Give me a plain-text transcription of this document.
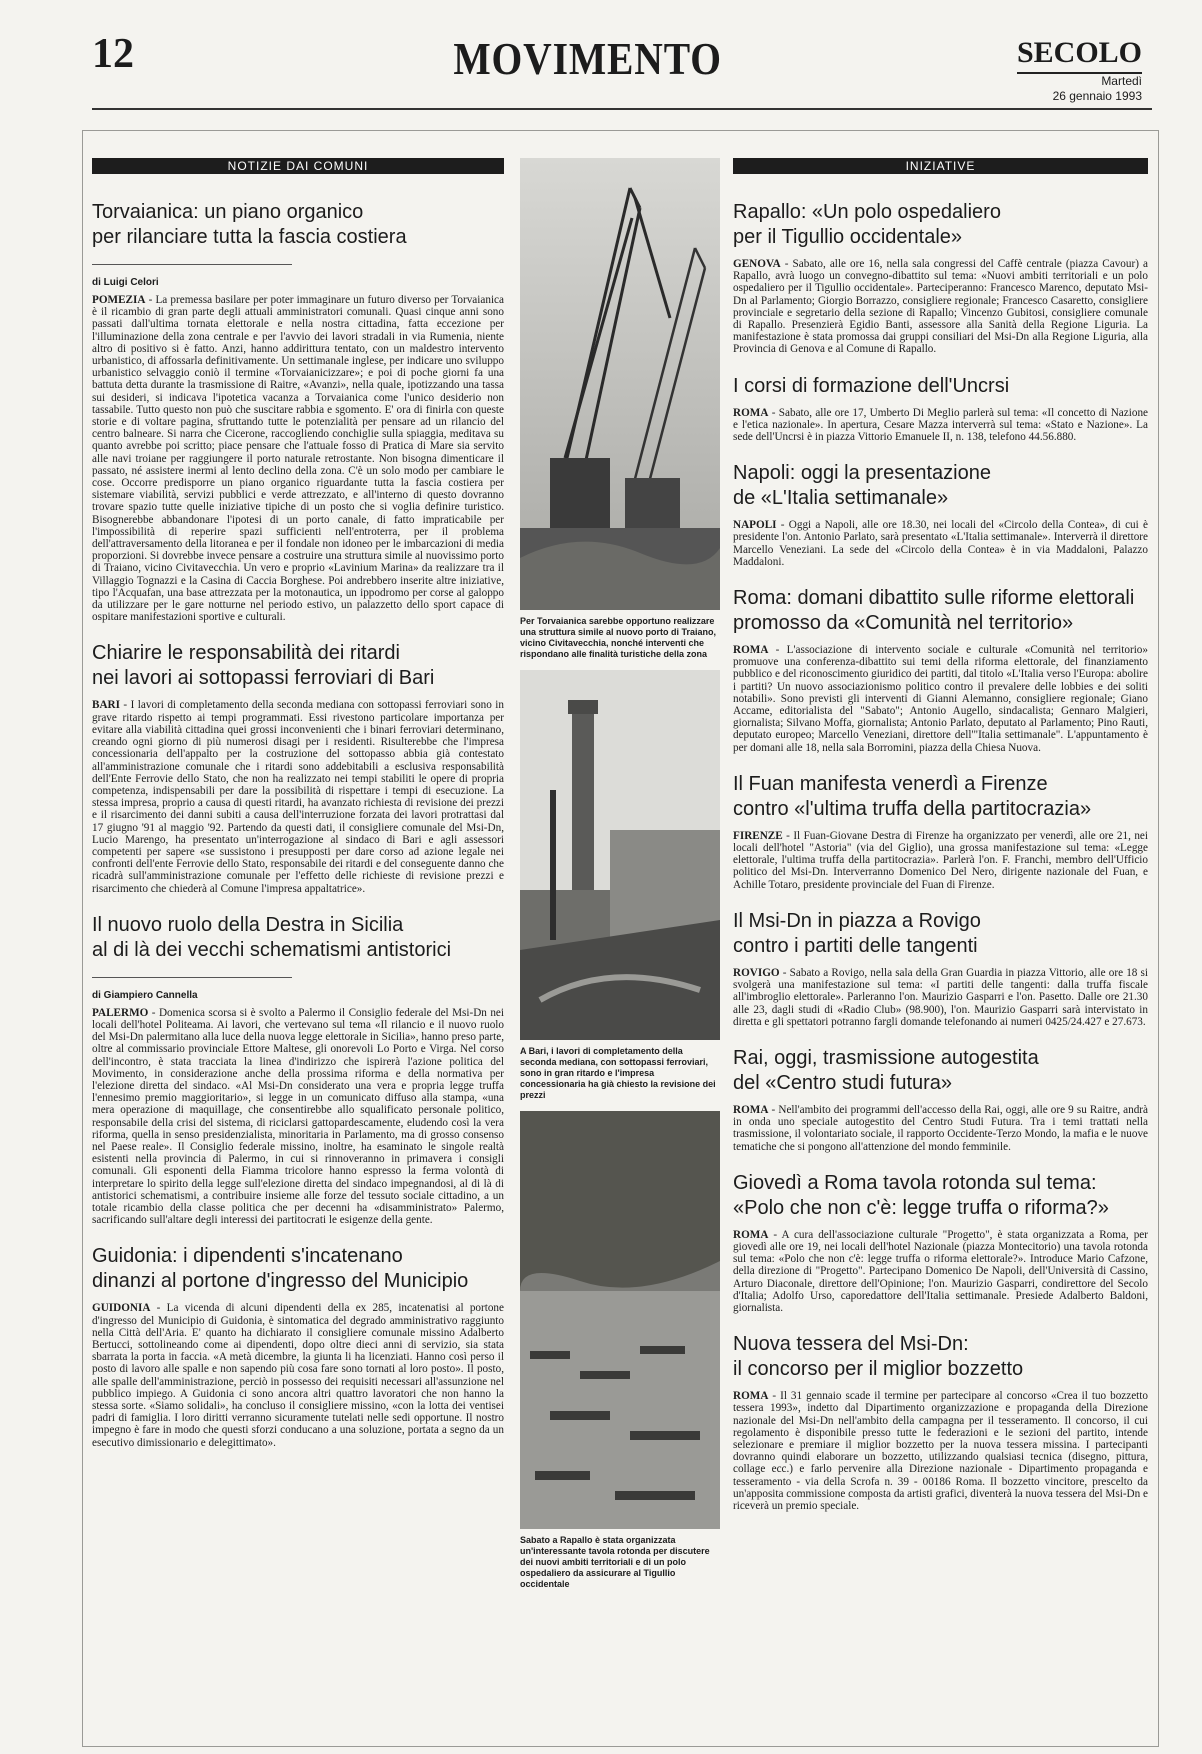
12	MOVIMENTO	SECOLO
Martedì
26 gennaio 1993
NOTIZIE DAI COMUNI
Torvaianica: un piano organico
per rilanciare tutta la fascia costiera
di Luigi Celori

POMEZIA - La premessa basilare per poter immaginare un futuro diverso per Torvaianica è il ricambio di gran parte degli attuali amministratori comunali. Quasi cinque anni sono passati dall'ultima tornata elettorale e nella nostra cittadina, fatta eccezione per l'illuminazione della zona centrale e per l'avvio dei lavori stradali in via Rumenia, niente altro di positivo si è fatto. Anzi, hanno addirittura tentato, con un maldestro intervento urbanistico, di affossarla definitivamente. Un settimanale inglese, per indicare uno sviluppo urbanistico selvaggio coniò il termine «Torvaianicizzare»; e poi di poche giorni fa una battuta detta durante la trasmissione di Raitre, «Avanzi», nella quale, ipotizzando una tassa sui desideri, si indicava l'ipotetica vacanza a Torvaianica come l'unico desiderio non tassabile. Tutto questo non può che suscitare rabbia e sgomento. E' ora di finirla con queste storie e di voltare pagina, sfruttando tutte le potenzialità per pensare ad un rilancio del centro balneare. Si narra che Cicerone, raccogliendo conchiglie sulla spiaggia, meditava su quanto avrebbe poi scritto; piace pensare che l'attuale fosso di Pratica di Mare sia servito alle navi troiane per raggiungere il porto naturale retrostante. Non bisogna dimenticare il passato, né assistere inermi al lento declino della zona. C'è un solo modo per cambiare le cose. Occorre predisporre un piano organico riguardante tutta la fascia costiera per sistemare viabilità, servizi pubblici e verde attrezzato, e all'interno di questo dovranno trovare spazio tutte quelle iniziative tipiche di un posto che si voglia definire turistico. Bisognerebbe abbandonare l'ipotesi di un porto canale, di fatto impraticabile per l'impossibilità di reperire spazi sufficienti nell'entroterra, per il problema dell'attraversamento della litoranea e per il fondale non idoneo per le imbarcazioni di media proporzioni. Si dovrebbe invece pensare a costruire una struttura simile al nuovissimo porto di Traiano, vicino Civitavecchia. Un vero e proprio «Lavinium Marina» da realizzare tra il Villaggio Tognazzi e la Casina di Caccia Borghese. Poi andrebbero inserite altre iniziative, tipo l'Acquafan, una base attrezzata per la motonautica, un ippodromo per corse al galoppo da utilizzare per le gare notturne nel periodo estivo, un palazzetto dello sport capace di ospitare manifestazioni sportive e culturali.

Chiarire le responsabilità dei ritardi
nei lavori ai sottopassi ferroviari di Bari

BARI - I lavori di completamento della seconda mediana con sottopassi ferroviari sono in grave ritardo rispetto ai tempi programmati. Essi rivestono particolare importanza per evitare alla viabilità cittadina quei grossi inconvenienti che i binari ferroviari determinano, creando ogni giorno di più numerosi disagi per i residenti. Risulterebbe che l'impresa concessionaria dell'appalto per la costruzione del sottopasso abbia già contestato all'amministrazione comunale che i ritardi sono addebitabili a esclusiva responsabilità dell'Ente Ferrovie dello Stato, che non ha realizzato nei tempi stabiliti le opere di propria competenza, indispensabili per dare la possibilità di rispettare i tempi di esecuzione. La stessa impresa, proprio a causa di questi ritardi, ha avanzato richiesta di revisione dei prezzi e il risarcimento dei danni subiti a causa dell'interruzione forzata dei lavori protrattasi dal 17 giugno '91 al maggio '92. Partendo da questi dati, il consigliere comunale del Msi-Dn, Lucio Marengo, ha presentato un'interrogazione al sindaco di Bari e agli assessori competenti per sapere «se sussistono i presupposti per dare corso ad azione legale nei confronti dell'ente Ferrovie dello Stato, responsabile dei ritardi e del conseguente danno che ricadrà sull'amministrazione comunale per l'effetto delle richieste di revisione prezzi e risarcimento che chiederà al Comune l'impresa appaltatrice».

Il nuovo ruolo della Destra in Sicilia
al di là dei vecchi schematismi antistorici
di Giampiero Cannella

PALERMO - Domenica scorsa si è svolto a Palermo il Consiglio federale del Msi-Dn nei locali dell'hotel Politeama. Ai lavori, che vertevano sul tema «Il rilancio e il nuovo ruolo del Msi-Dn palermitano alla luce della nuova legge elettorale in Sicilia», hanno preso parte, oltre al commissario provinciale Ettore Maltese, gli onorevoli Lo Porto e Virga. Nel corso dell'incontro, è stata tracciata la linea d'indirizzo che ispirerà l'azione politica del Movimento, in considerazione anche della prossima riforma e della normativa per l'elezione diretta del sindaco. «Al Msi-Dn considerato una vera e propria legge truffa l'ennesimo premio maggioritario», si legge in un comunicato diffuso alla stampa, «una mera operazione di maquillage, che consentirebbe allo squalificato personale politico, responsabile della crisi del sistema, di riciclarsi gattopardescamente, eludendo così la vera riforma, quella in senso presidenzialista, minoritaria in Parlamento, ma di grosso consenso nel Paese reale». Il Consiglio federale missino, inoltre, ha esaminato le singole realtà esistenti nella provincia di Palermo, in cui si rinnoveranno in primavera i consigli comunali. Gli esponenti della Fiamma tricolore hanno espresso la ferma volontà di interpretare lo spirito della legge sull'elezione diretta del sindaco impegnandosi, al di là di antistorici schematismi, a contribuire insieme alle forze del tessuto sociale cittadino, a un totale ricambio della classe politica che per decenni ha «disamministrato» Palermo, sacrificando sull'altare degli interessi dei partitocrati le esigenze della gente.

Guidonia: i dipendenti s'incatenano
dinanzi al portone d'ingresso del Municipio

GUIDONIA - La vicenda di alcuni dipendenti della ex 285, incatenatisi al portone d'ingresso del Municipio di Guidonia, è sintomatica del degrado amministrativo raggiunto nella Città dell'Aria. E' quanto ha dichiarato il consigliere comunale missino Adalberto Bertucci, sottolineando come ai dipendenti, dopo oltre dieci anni di servizio, sia stata sbarrata la porta in faccia. «A metà dicembre, la giunta li ha licenziati. Hanno così perso il posto di lavoro alle spalle e non sapendo più cosa fare sono tornati al loro posto». Il posto, alle spalle dell'amministrazione, perciò in possesso dei requisiti necessari all'assunzione nel pubblico impiego. A Guidonia ci sono ancora altri quattro lavoratori che non hanno la stessa sorte. «Siamo solidali», ha concluso il consigliere missino, «con la lotta dei ventisei padri di famiglia. I loro diritti verranno sicuramente tutelati nelle sedi opportune. Il nostro impegno è fare in modo che questi sforzi conducano a una soluzione, portata a segno da un esecutivo dimissionario e delegittimato».

Per Torvaianica sarebbe opportuno realizzare una struttura simile al nuovo porto di Traiano, vicino Civitavecchia, nonché interventi che rispondano alle finalità turistiche della zona
A Bari, i lavori di completamento della seconda mediana, con sottopassi ferroviari, sono in gran ritardo e l'impresa concessionaria ha già chiesto la revisione dei prezzi
Sabato a Rapallo è stata organizzata un'interessante tavola rotonda per discutere dei nuovi ambiti territoriali e di un polo ospedaliero da assicurare al Tigullio occidentale
INIZIATIVE
Rapallo: «Un polo ospedaliero
per il Tigullio occidentale»

GENOVA - Sabato, alle ore 16, nella sala congressi del Caffè centrale (piazza Cavour) a Rapallo, avrà luogo un convegno-dibattito sul tema: «Nuovi ambiti territoriali e un polo ospedaliero per il Tigullio occidentale». Parteciperanno: Francesco Marenco, deputato Msi-Dn al Parlamento; Giorgio Borrazzo, consigliere regionale; Francesco Casaretto, consigliere provinciale e segretario della sezione di Rapallo; Vincenzo Gubitosi, consigliere comunale di Rapallo. Presenzierà Egidio Banti, assessore alla Sanità della Regione Liguria. La manifestazione è stata promossa dai gruppi consiliari del Msi-Dn alla Regione Liguria, alla Provincia di Genova e al Comune di Rapallo.

I corsi di formazione dell'Uncrsi

ROMA - Sabato, alle ore 17, Umberto Di Meglio parlerà sul tema: «Il concetto di Nazione e l'etica nazionale». In apertura, Cesare Mazza interverrà sul tema: «Stato e Nazione». La sede dell'Uncrsi è in piazza Vittorio Emanuele II, n. 138, telefono 44.56.880.

Napoli: oggi la presentazione
de «L'Italia settimanale»

NAPOLI - Oggi a Napoli, alle ore 18.30, nei locali del «Circolo della Contea», di cui è presidente l'on. Antonio Parlato, sarà presentato «L'Italia settimanale». Interverrà il direttore Marcello Veneziani. La sede del «Circolo della Contea» è in via Maddaloni, Palazzo Maddaloni.

Roma: domani dibattito sulle riforme elettorali
promosso da «Comunità nel territorio»

ROMA - L'associazione di intervento sociale e culturale «Comunità nel territorio» promuove una conferenza-dibattito sui temi della riforma elettorale, del finanziamento pubblico e del riconoscimento giuridico dei partiti, dal titolo «L'Italia verso l'Europa: abolire i partiti? Un nuovo associazionismo politico contro il prevalere delle lobbies e dei soliti notabili». Sono previsti gli interventi di Gianni Alemanno, consigliere regionale; Giano Accame, editorialista del "Sabato"; Antonio Augello, sindacalista; Gennaro Malgieri, giornalista; Silvano Moffa, giornalista; Antonio Parlato, deputato al Parlamento; Pino Rauti, deputato europeo; Marcello Veneziani, direttore dell'"Italia settimanale". L'appuntamento è per domani alle 18, nella sala Borromini, piazza della Chiesa Nuova.

Il Fuan manifesta venerdì a Firenze
contro «l'ultima truffa della partitocrazia»

FIRENZE - Il Fuan-Giovane Destra di Firenze ha organizzato per venerdì, alle ore 21, nei locali dell'hotel "Astoria" (via del Giglio), una grossa manifestazione sul tema: «Legge elettorale, l'ultima truffa della partitocrazia». Parlerà l'on. F. Franchi, membro dell'Ufficio politico del Msi-Dn. Interverranno Domenico Del Nero, dirigente nazionale del Fuan, e Achille Totaro, presidente provinciale del Fuan di Firenze.

Il Msi-Dn in piazza a Rovigo
contro i partiti delle tangenti

ROVIGO - Sabato a Rovigo, nella sala della Gran Guardia in piazza Vittorio, alle ore 18 si svolgerà una manifestazione sul tema: «I partiti delle tangenti: dalla truffa fiscale all'imbroglio elettorale». Parleranno l'on. Maurizio Gasparri e l'on. Pasetto. Dalle ore 21.30 alle 23, dagli studi di «Radio Club» (98.900), l'on. Maurizio Gasparri sarà intervistato in diretta e gli spettatori potranno fargli domande telefonando ai numeri 0425/24.427 e 27.673.

Rai, oggi, trasmissione autogestita
del «Centro studi futura»

ROMA - Nell'ambito dei programmi dell'accesso della Rai, oggi, alle ore 9 su Raitre, andrà in onda uno speciale autogestito del Centro Studi Futura. Tra i temi trattati nella trasmissione, il volontariato sociale, il rapporto Occidente-Terzo Mondo, la mafia e le nuove tematiche che si pongono all'attenzione del mondo femminile.

Giovedì a Roma tavola rotonda sul tema:
«Polo che non c'è: legge truffa o riforma?»

ROMA - A cura dell'associazione culturale "Progetto", è stata organizzata a Roma, per giovedì alle ore 19, nei locali dell'hotel Nazionale (piazza Montecitorio) una tavola rotonda sul tema: «Polo che non c'è: legge truffa o riforma elettorale?». Introduce Mario Cafzone, della direzione di "Progetto". Partecipano Domenico De Napoli, dell'Università di Cassino, Arturo Diaconale, direttore dell'Opinione; l'on. Maurizio Gasparri, condirettore del Secolo d'Italia; Adolfo Urso, caporedattore dell'Italia settimanale. Presiede Adalberto Baldoni, giornalista.

Nuova tessera del Msi-Dn:
il concorso per il miglior bozzetto

ROMA - Il 31 gennaio scade il termine per partecipare al concorso «Crea il tuo bozzetto tessera 1993», indetto dal Dipartimento organizzazione e propaganda della Direzione nazionale del Msi-Dn nell'ambito della campagna per il tesseramento. Il concorso, il cui regolamento è disponibile presso tutte le federazioni e le sezioni del partito, intende selezionare e premiare il miglior bozzetto per la nuova tessera missina. I partecipanti dovranno quindi elaborare un bozzetto, utilizzando qualsiasi tecnica (disegno, pittura, collage ecc.) e farlo pervenire alla Direzione nazionale - Dipartimento propaganda e tesseramento - via della Scrofa n. 39 - 00186 Roma. Il bozzetto vincitore, prescelto da un'apposita commissione composta da artisti grafici, diventerà la nuova tessera del Msi-Dn e riceverà un premio speciale.
